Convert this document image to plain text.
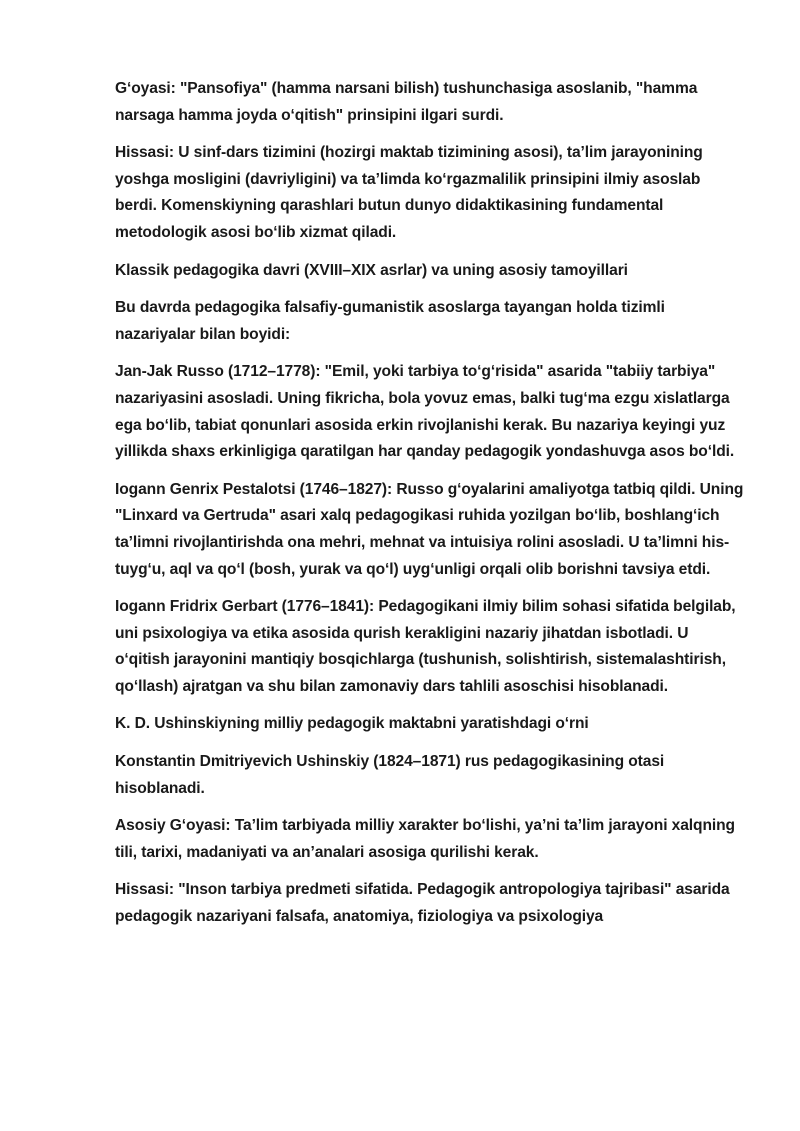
G‘oyasi: "Pansofiya" (hamma narsani bilish) tushunchasiga asoslanib, "hamma narsaga hamma joyda o‘qitish" prinsipini ilgari surdi.

Hissasi: U sinf-dars tizimini (hozirgi maktab tizimining asosi), ta’lim jarayonining yoshga mosligini (davriyligini) va ta’limda ko‘rgazmalilik prinsipini ilmiy asoslab berdi. Komenskiyning qarashlari butun dunyo didaktikasining fundamental metodologik asosi bo‘lib xizmat qiladi.

Klassik pedagogika davri (XVIII–XIX asrlar) va uning asosiy tamoyillari

Bu davrda pedagogika falsafiy-gumanistik asoslarga tayangan holda tizimli nazariyalar bilan boyidi:

Jan-Jak Russo (1712–1778): "Emil, yoki tarbiya to‘g‘risida" asarida "tabiiy tarbiya" nazariyasini asosladi. Uning fikricha, bola yovuz emas, balki tug‘ma ezgu xislatlarga ega bo‘lib, tabiat qonunlari asosida erkin rivojlanishi kerak. Bu nazariya keyingi yuz yillikda shaxs erkinligiga qaratilgan har qanday pedagogik yondashuvga asos bo‘ldi.

Iogann Genrix Pestalotsi (1746–1827): Russo g‘oyalarini amaliyotga tatbiq qildi. Uning "Linxard va Gertruda" asari xalq pedagogikasi ruhida yozilgan bo‘lib, boshlang‘ich ta’limni rivojlantirishda ona mehri, mehnat va intuisiya rolini asosladi. U ta’limni his-tuyg‘u, aql va qo‘l (bosh, yurak va qo‘l) uyg‘unligi orqali olib borishni tavsiya etdi.

Iogann Fridrix Gerbart (1776–1841): Pedagogikani ilmiy bilim sohasi sifatida belgilab, uni psixologiya va etika asosida qurish kerakligini nazariy jihatdan isbotladi. U o‘qitish jarayonini mantiqiy bosqichlarga (tushunish, solishtirish, sistemalashtirish, qo‘llash) ajratgan va shu bilan zamonaviy dars tahlili asoschisi hisoblanadi.

K. D. Ushinskiyning milliy pedagogik maktabni yaratishdagi o‘rni

Konstantin Dmitriyevich Ushinskiy (1824–1871) rus pedagogikasining otasi hisoblanadi.

Asosiy G‘oyasi: Ta’lim tarbiyada milliy xarakter bo‘lishi, ya’ni ta’lim jarayoni xalqning tili, tarixi, madaniyati va an’analari asosiga qurilishi kerak.

Hissasi: "Inson tarbiya predmeti sifatida. Pedagogik antropologiya tajribasi" asarida pedagogik nazariyani falsafa, anatomiya, fiziologiya va psixologiya
